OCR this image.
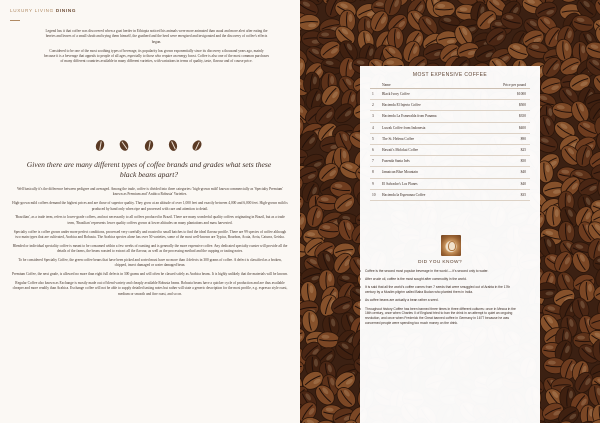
LUXURY LIVING DINING

Legend has it that coffee was discovered when a goat herder in Ethiopia noticed his animals were more animated than usual and more alert after eating the berries and leaves of a small shrub and trying them himself, the goatherd and the herd were energised and invigorated and the discovery of coffee's effects began.

Considered to be one of the most soothing types of beverage, its popularity has grown exponentially since its discovery a thousand years ago, mainly because it is a beverage that appeals to people of all ages, especially to those who require an energy boost. Coffee is also one of the most common purchases of many different countries available in many different varieties, with variations in terms of quality, taste, flavour and of course price.

Given there are many different types of coffee brands and grades what sets these black beans apart?

Well basically it's the difference between pedigree and averaged. Among the trade, coffee is divided into three categories: 'high-grown mild' known commercially as 'Specialty Premium' known as Premium and 'Arabica Robusta' Varieties.

High-grown mild coffees demand the highest prices and are those of superior quality. They grow at an altitude of over 1,000 feet and exactly between 4,000 and 6,000 feet. High-grown mild is produced by hand only when ripe and processed with care and attention to detail.

'Brazilian', as a trade term, refers to lower-grade coffees, and not necessarily to all coffees produced in Brazil. There are many wonderful quality coffees originating in Brazil, but as a trade term, 'Brazilian' represents lower quality coffees grown at lower altitudes on many plantations and mass harvested.

Specialty coffee is coffee grown under more perfect conditions, processed very carefully and roasted to small batches to find the ideal flavour profile. There are 99 species of coffee although two main types that are cultivated, Arabica and Robusta. The Arabica species alone has over 50 varieties, some of the most well-known are Typica, Bourbon, Acaia, Arria, Caturra, Geisha.

Blended or individual speciality coffee is meant to be consumed within a few weeks of roasting and is generally the more expensive coffee. Any dedicated specialty roaster will provide all the details of the farms, the beans roasted to extract all the flavour, as well as the processing method and the cupping or tasting notes.

To be considered Specialty Coffee, the green coffee beans that have been picked and sorted must have no more than 4 defects in 300 grams of coffee. A defect is classified as a broken, chipped, insect damaged or water damaged bean.

Premium Coffee, the next grade, is allowed no more than eight full defects in 300 grams and will often be classed solely as Arabica beans. It is highly unlikely that the materials will be known.

Regular Coffee also known as Exchange is mostly made out of blend variety and cheaply available Robusta beans. Robusta beans have a quicker cycle of production and are thus available cheaper and more readily than Arabica. Exchange coffee will not be able to supply detailed tasting notes but rather will state a generic description for the most profile, e.g. espresso style roast, medium or smooth and fine roast, and so on.

MOST EXPENSIVE COFFEE
	Name	Price per pound
1	Black Ivory Coffee	$1000
2	Hacienda El Injerto Coffee	$500
3	Hacienda La Esmeralda from Panama	$350
4	Luwak Coffee from Indonesia	$400
5	The St. Helena Coffee	$90
6	Hawaii's Molokai Coffee	$25
7	Fazenda Santa Inês	$50
8	Jamaican Blue Mountain	$40
9	El Salvador's Los Planes	$40
10	Hacienda la Esperanza Coffee	$35
DID YOU KNOW?
• Coffee is the second most popular beverage in the world — it's second only to water.
• After crude oil, coffee is the most sought after commodity in the world.
• It is said that all the world's coffee comes from 7 seeds that were smuggled out of Arabia in the 17th century by a Muslim pilgrim called Baba Budan who planted them in India.
• As coffee beans are actually a bean rather a seed.
• Throughout history Coffee has been banned three times in three different cultures: once in Mecca in the 16th century, once when Charles II of England tried to ban the drink in an attempt to quiet an ongoing revolution, and once when Frederick the Great banned coffee in Germany in 1677 because he was concerned people were spending too much money on the drink.
